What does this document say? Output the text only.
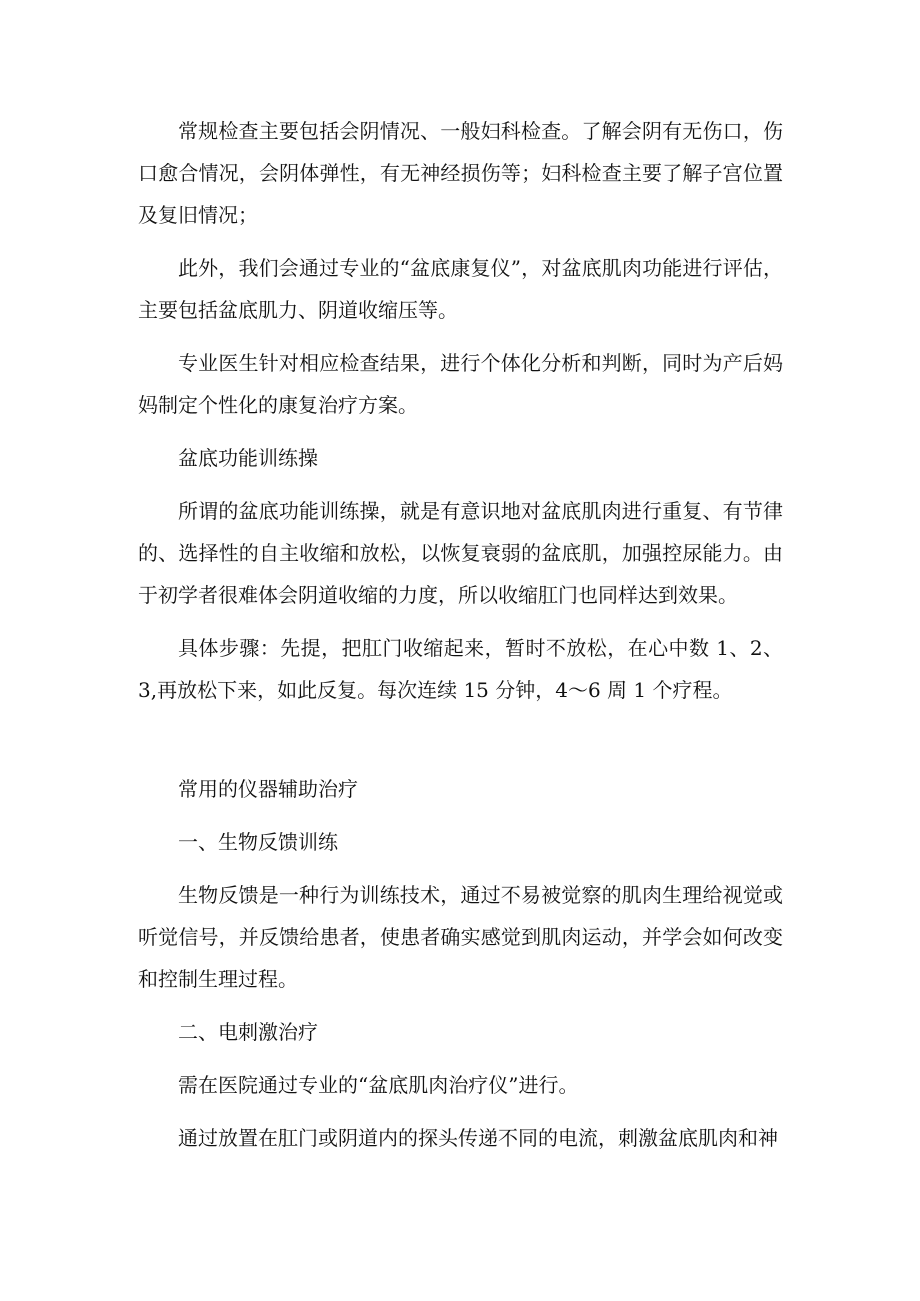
常规检查主要包括会阴情况、一般妇科检查。了解会阴有无伤口，伤口愈合情况，会阴体弹性，有无神经损伤等；妇科检查主要了解子宫位置及复旧情况；

此外，我们会通过专业的“盆底康复仪”，对盆底肌肉功能进行评估，主要包括盆底肌力、阴道收缩压等。

专业医生针对相应检查结果，进行个体化分析和判断，同时为产后妈妈制定个性化的康复治疗方案。

盆底功能训练操

所谓的盆底功能训练操，就是有意识地对盆底肌肉进行重复、有节律的、选择性的自主收缩和放松，以恢复衰弱的盆底肌，加强控尿能力。由于初学者很难体会阴道收缩的力度，所以收缩肛门也同样达到效果。

具体步骤：先提，把肛门收缩起来，暂时不放松，在心中数 1、2、3,再放松下来，如此反复。每次连续 15 分钟，4～6 周 1 个疗程。

常用的仪器辅助治疗

一、生物反馈训练

生物反馈是一种行为训练技术，通过不易被觉察的肌肉生理给视觉或听觉信号，并反馈给患者，使患者确实感觉到肌肉运动，并学会如何改变和控制生理过程。

二、电刺激治疗

需在医院通过专业的“盆底肌肉治疗仪”进行。

通过放置在肛门或阴道内的探头传递不同的电流，刺激盆底肌肉和神
